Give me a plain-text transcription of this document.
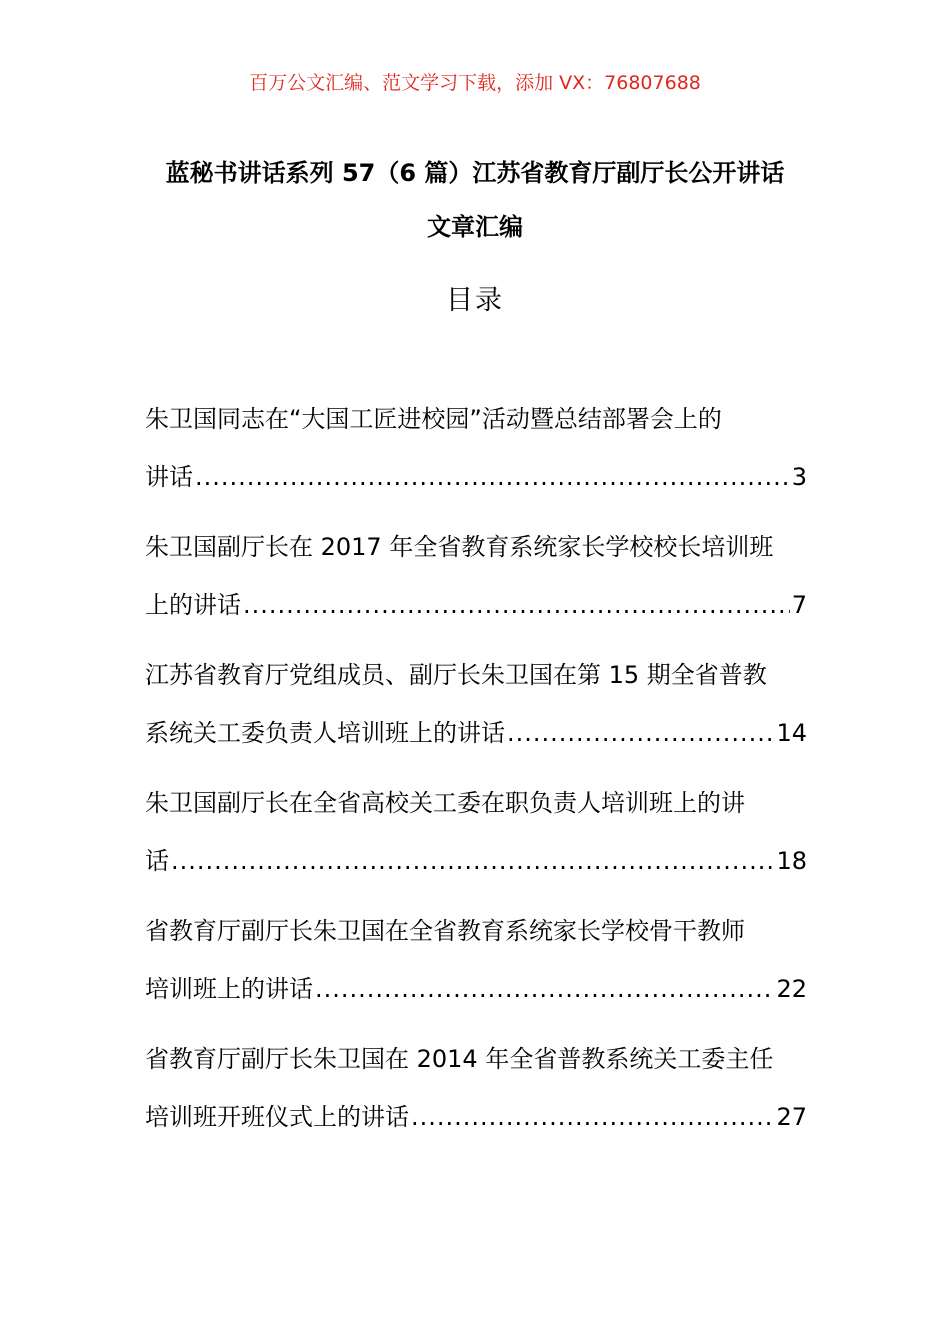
百万公文汇编、范文学习下载，添加 VX：76807688
蓝秘书讲话系列 57（6 篇）江苏省教育厅副厅长公开讲话
文章汇编
目录
朱卫国同志在“大国工匠进校园”活动暨总结部署会上的
讲话 .....	3
朱卫国副厅长在 2017 年全省教育系统家长学校校长培训班
上的讲话 .....	7
江苏省教育厅党组成员、副厅长朱卫国在第 15 期全省普教
系统关工委负责人培训班上的讲话 .....	14
朱卫国副厅长在全省高校关工委在职负责人培训班上的讲
话 .....	18
省教育厅副厅长朱卫国在全省教育系统家长学校骨干教师
培训班上的讲话 .....	22
省教育厅副厅长朱卫国在 2014 年全省普教系统关工委主任
培训班开班仪式上的讲话 .....	27
